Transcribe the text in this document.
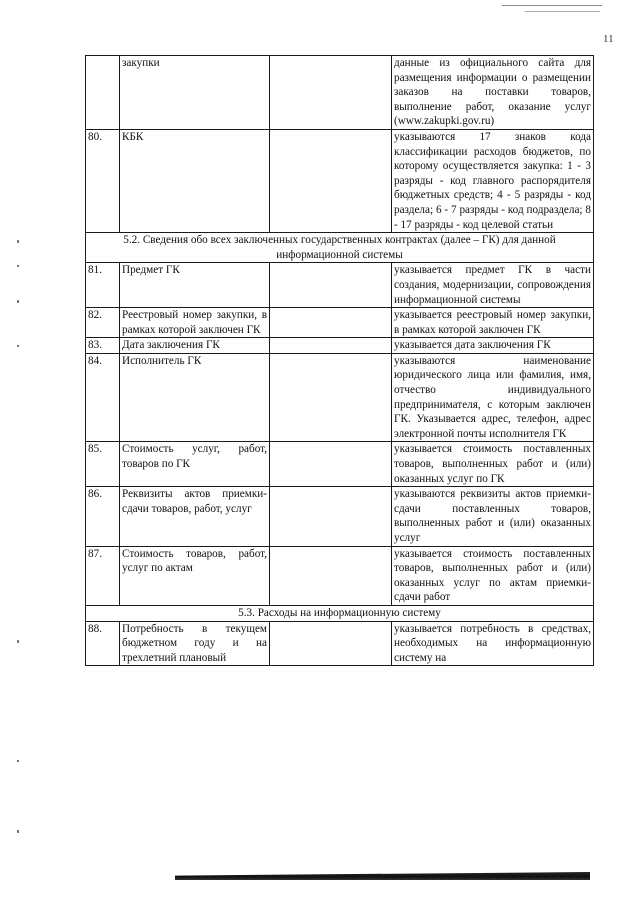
11
	закупки		данные из официального сайта для размещения информации о размещении заказов на поставки товаров, выполнение работ, оказание услуг (www.zakupki.gov.ru)
80.	КБК		указываются 17 знаков кода классификации расходов бюджетов, по которому осуществляется закупка: 1 - 3 разряды - код главного распорядителя бюджетных средств; 4 - 5 разряды - код раздела; 6 - 7 разряды - код подраздела; 8 - 17 разряды - код целевой статьи
5.2. Сведения обо всех заключенных государственных контрактах (далее – ГК) для данной информационной системы			
81.	Предмет ГК		указывается предмет ГК в части создания, модернизации, сопровождения информационной системы
82.	Реестровый номер закупки, в рамках которой заключен ГК		указывается реестровый номер закупки, в рамках которой заключен ГК
83.	Дата заключения ГК		указывается дата заключения ГК
84.	Исполнитель ГК		указываются наименование юридического лица или фамилия, имя, отчество индивидуального предпринимателя, с которым заключен ГК. Указывается адрес, телефон, адрес электронной почты исполнителя ГК
85.	Стоимость услуг, работ, товаров по ГК		указывается стоимость поставленных товаров, выполненных работ и (или) оказанных услуг по ГК
86.	Реквизиты актов приемки-сдачи товаров, работ, услуг		указываются реквизиты актов приемки-сдачи поставленных товаров, выполненных работ и (или) оказанных услуг
87.	Стоимость товаров, работ, услуг по актам		указывается стоимость поставленных товаров, выполненных работ и (или) оказанных услуг по актам приемки-сдачи работ
5.3. Расходы на информационную систему			
88.	Потребность в текущем бюджетном году и на трехлетний плановый		указывается потребность в средствах, необходимых на информационную систему на
